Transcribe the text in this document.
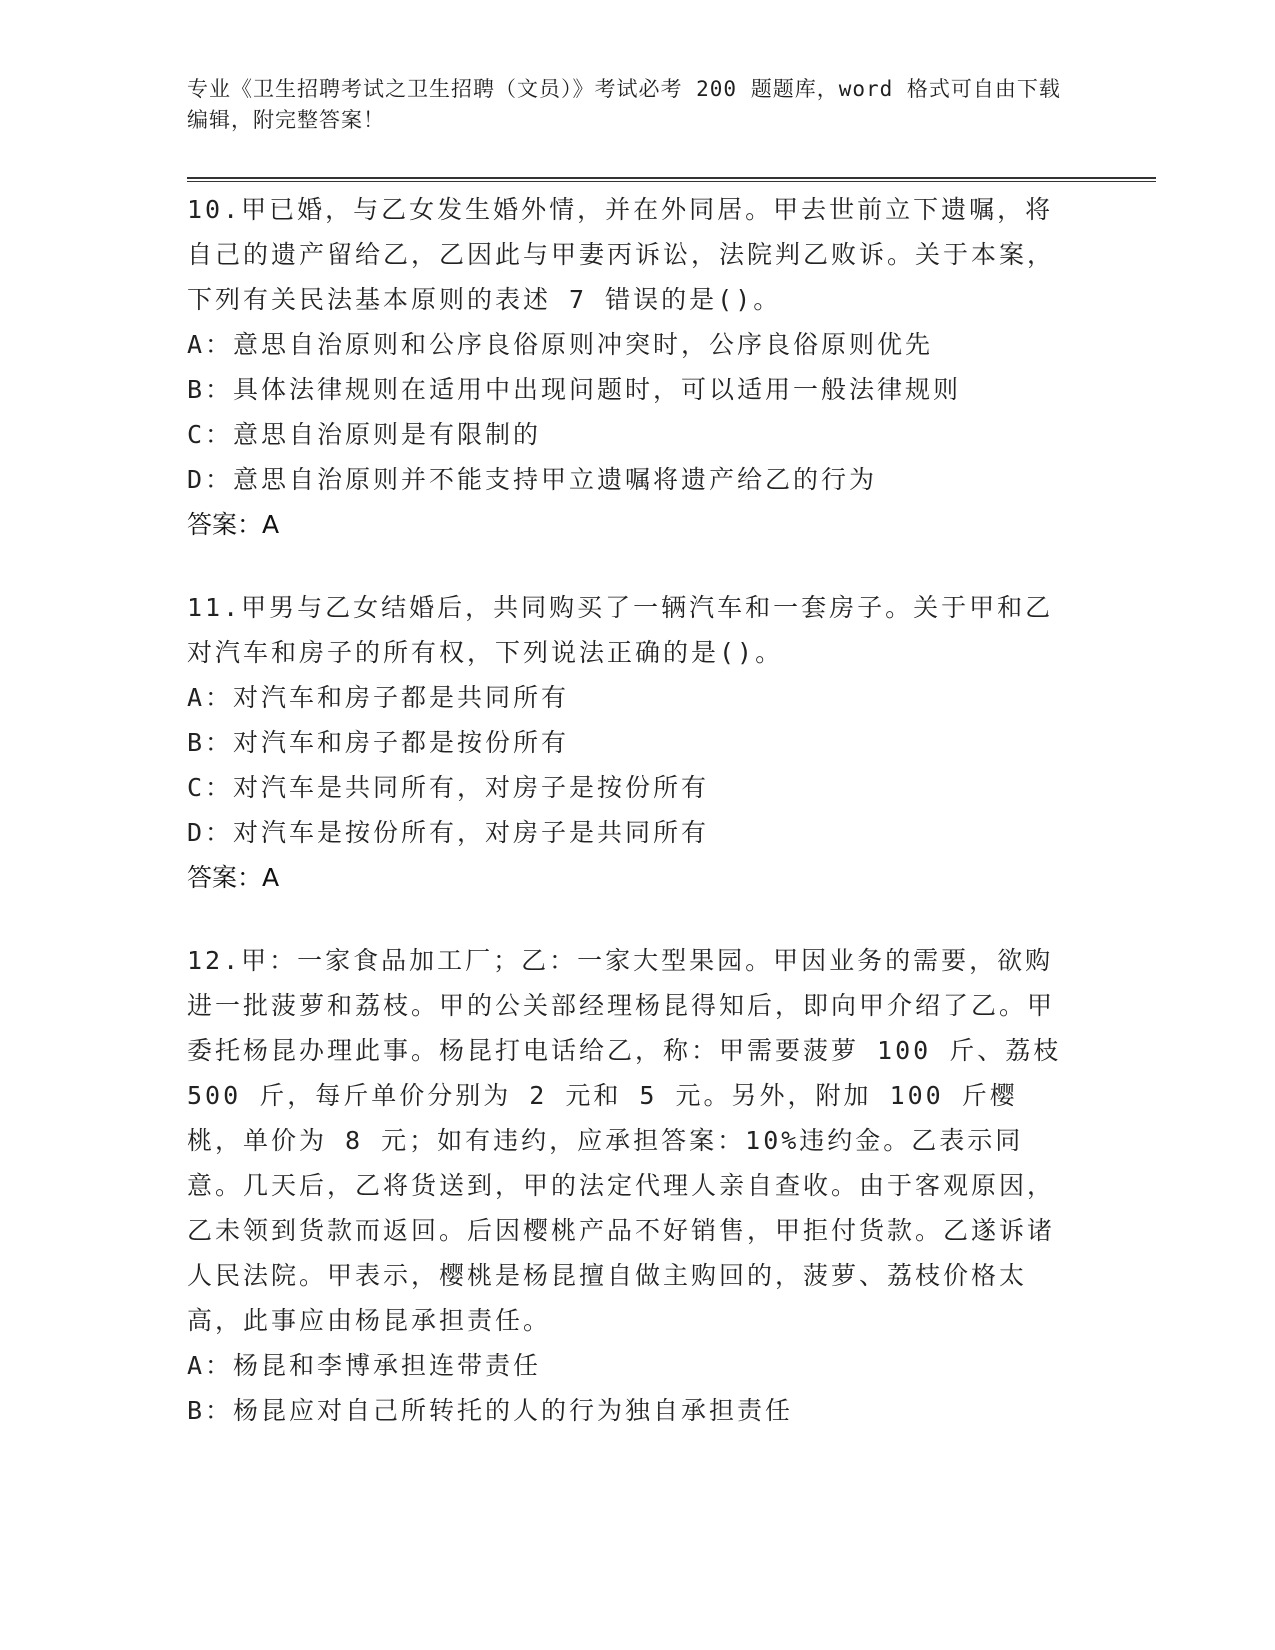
专业《卫生招聘考试之卫生招聘（文员）》考试必考 200 题题库，word 格式可自由下载编辑，附完整答案！

10.甲已婚，与乙女发生婚外情，并在外同居。甲去世前立下遗嘱，将自己的遗产留给乙，乙因此与甲妻丙诉讼，法院判乙败诉。关于本案，下列有关民法基本原则的表述 7 错误的是()。

A：意思自治原则和公序良俗原则冲突时，公序良俗原则优先

B：具体法律规则在适用中出现问题时，可以适用一般法律规则

C：意思自治原则是有限制的

D：意思自治原则并不能支持甲立遗嘱将遗产给乙的行为

答案：A

11.甲男与乙女结婚后，共同购买了一辆汽车和一套房子。关于甲和乙对汽车和房子的所有权，下列说法正确的是()。

A：对汽车和房子都是共同所有

B：对汽车和房子都是按份所有

C：对汽车是共同所有，对房子是按份所有

D：对汽车是按份所有，对房子是共同所有

答案：A

12.甲：一家食品加工厂；乙：一家大型果园。甲因业务的需要，欲购进一批菠萝和荔枝。甲的公关部经理杨昆得知后，即向甲介绍了乙。甲委托杨昆办理此事。杨昆打电话给乙，称：甲需要菠萝 100 斤、荔枝 500 斤，每斤单价分别为 2 元和 5 元。另外，附加 100 斤樱桃，单价为 8 元；如有违约，应承担答案：10%违约金。乙表示同意。几天后，乙将货送到，甲的法定代理人亲自查收。由于客观原因，乙未领到货款而返回。后因樱桃产品不好销售，甲拒付货款。乙遂诉诸人民法院。甲表示，樱桃是杨昆擅自做主购回的，菠萝、荔枝价格太高，此事应由杨昆承担责任。

A：杨昆和李博承担连带责任

B：杨昆应对自己所转托的人的行为独自承担责任
